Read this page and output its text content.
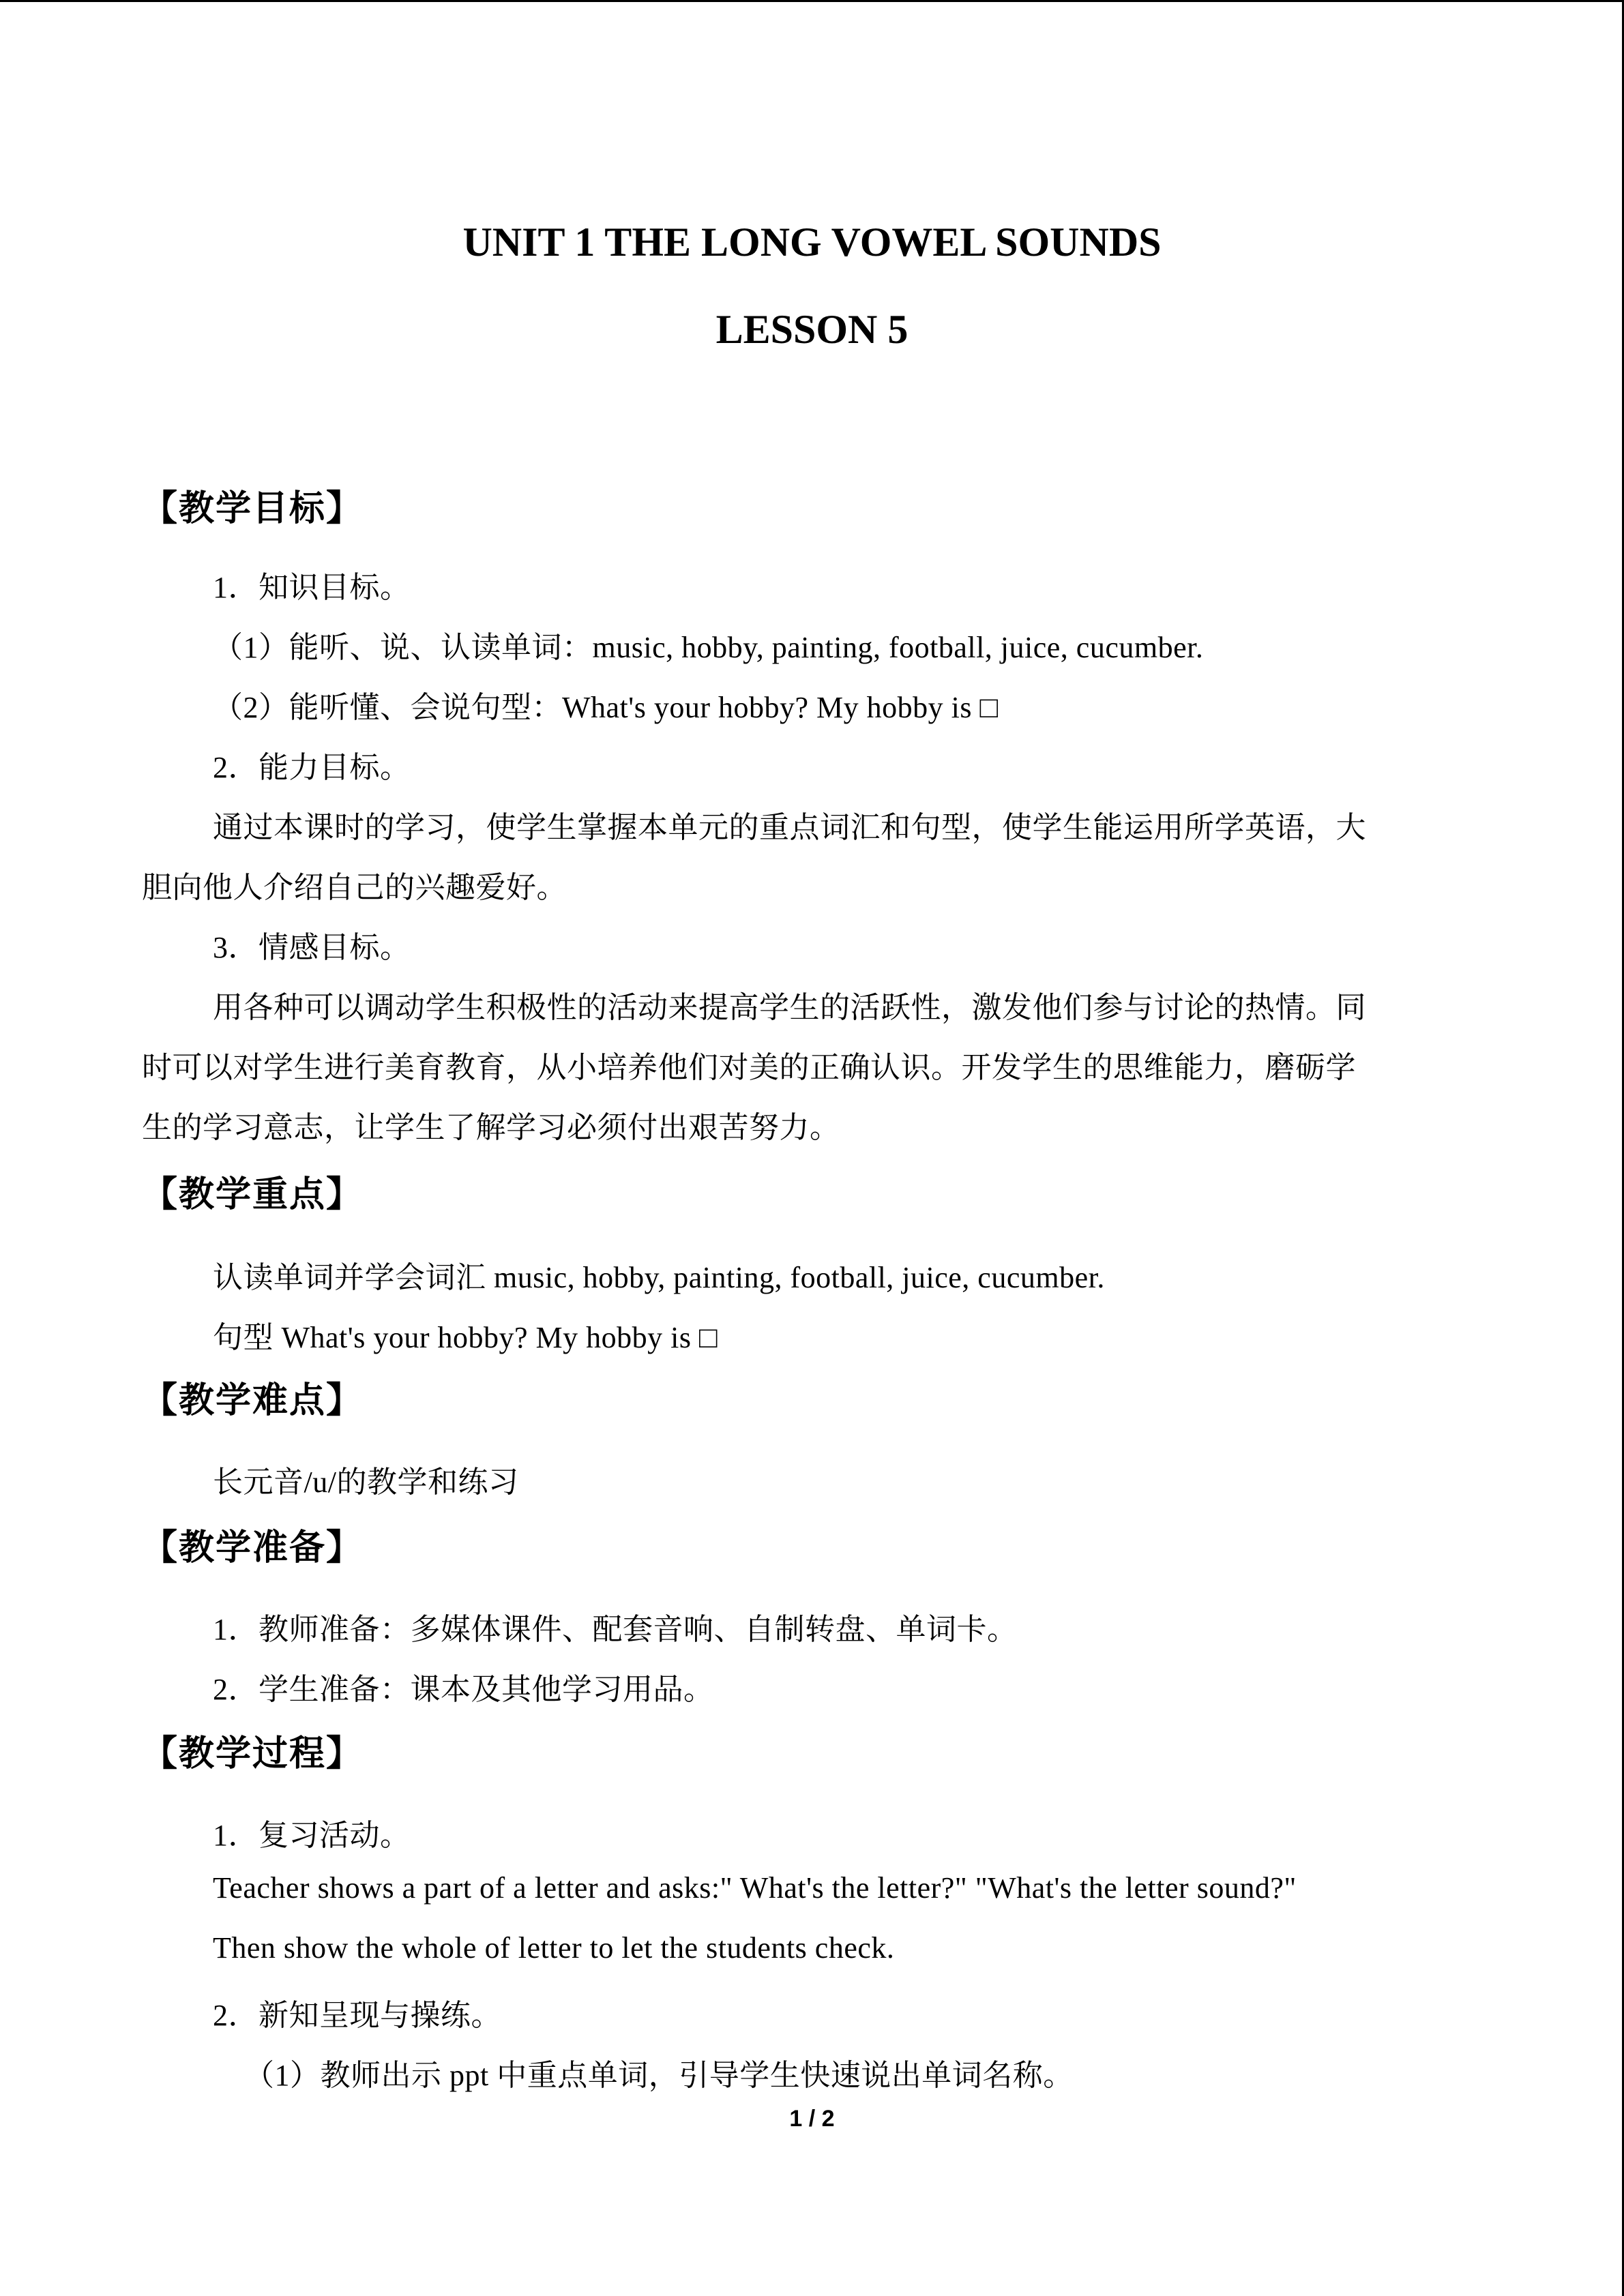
UNIT 1 THE LONG VOWEL SOUNDS
LESSON 5
【教学目标】
1．知识目标。
（1）能听、说、认读单词：music, hobby, painting, football, juice, cucumber.
（2）能听懂、会说句型：What's your hobby? My hobby is □
2．能力目标。
通过本课时的学习，使学生掌握本单元的重点词汇和句型，使学生能运用所学英语，大
胆向他人介绍自己的兴趣爱好。
3．情感目标。
用各种可以调动学生积极性的活动来提高学生的活跃性，激发他们参与讨论的热情。同
时可以对学生进行美育教育，从小培养他们对美的正确认识。开发学生的思维能力，磨砺学
生的学习意志，让学生了解学习必须付出艰苦努力。
【教学重点】
认读单词并学会词汇 music, hobby, painting, football, juice, cucumber.
句型 What's your hobby? My hobby is □
【教学难点】
长元音/u/的教学和练习
【教学准备】
1．教师准备：多媒体课件、配套音响、自制转盘、单词卡。
2．学生准备：课本及其他学习用品。
【教学过程】
1．复习活动。
Teacher shows a part of a letter and asks:" What's the letter?" "What's the letter sound?"
Then show the whole of letter to let the students check.
2．新知呈现与操练。
（1）教师出示 ppt 中重点单词，引导学生快速说出单词名称。
1 / 2
